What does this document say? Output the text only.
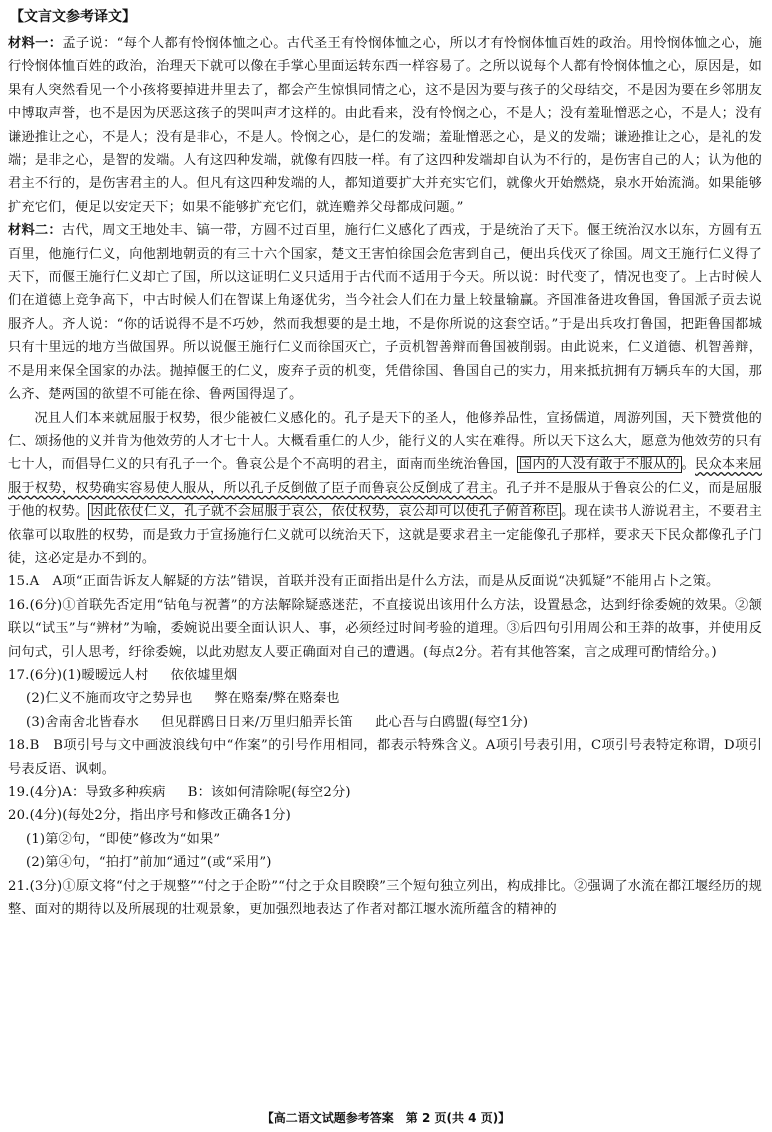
【文言文参考译文】

材料一：孟子说：“每个人都有怜悯体恤之心。古代圣王有怜悯体恤之心，所以才有怜悯体恤百姓的政治。用怜悯体恤之心，施行怜悯体恤百姓的政治，治理天下就可以像在手掌心里面运转东西一样容易了。之所以说每个人都有怜悯体恤之心，原因是，如果有人突然看见一个小孩将要掉进井里去了，都会产生惊惧同情之心，这不是因为要与孩子的父母结交，不是因为要在乡邻朋友中博取声誉，也不是因为厌恶这孩子的哭叫声才这样的。由此看来，没有怜悯之心，不是人；没有羞耻憎恶之心，不是人；没有谦逊推让之心，不是人；没有是非心，不是人。怜悯之心，是仁的发端；羞耻憎恶之心，是义的发端；谦逊推让之心，是礼的发端；是非之心，是智的发端。人有这四种发端，就像有四肢一样。有了这四种发端却自认为不行的，是伤害自己的人；认为他的君主不行的，是伤害君主的人。但凡有这四种发端的人，都知道要扩大并充实它们，就像火开始燃烧，泉水开始流淌。如果能够扩充它们，便足以安定天下；如果不能够扩充它们，就连赡养父母都成问题。”

材料二：古代，周文王地处丰、镐一带，方圆不过百里，施行仁义感化了西戎，于是统治了天下。偃王统治汉水以东，方圆有五百里，他施行仁义，向他割地朝贡的有三十六个国家，楚文王害怕徐国会危害到自己，便出兵伐灭了徐国。周文王施行仁义得了天下，而偃王施行仁义却亡了国，所以这证明仁义只适用于古代而不适用于今天。所以说：时代变了，情况也变了。上古时候人们在道德上竞争高下，中古时候人们在智谋上角逐优劣，当今社会人们在力量上较量输赢。齐国准备进攻鲁国，鲁国派子贡去说服齐人。齐人说：“你的话说得不是不巧妙，然而我想要的是土地，不是你所说的这套空话。”于是出兵攻打鲁国，把距鲁国都城只有十里远的地方当做国界。所以说偃王施行仁义而徐国灭亡，子贡机智善辩而鲁国被削弱。由此说来，仁义道德、机智善辩，不是用来保全国家的办法。抛掉偃王的仁义，废弃子贡的机变，凭借徐国、鲁国自己的实力，用来抵抗拥有万辆兵车的大国，那么齐、楚两国的欲望不可能在徐、鲁两国得逞了。

况且人们本来就屈服于权势，很少能被仁义感化的。孔子是天下的圣人，他修养品性，宣扬儒道，周游列国，天下赞赏他的仁、颂扬他的义并肯为他效劳的人才七十人。大概看重仁的人少，能行义的人实在难得。所以天下这么大，愿意为他效劳的只有七十人，而倡导仁义的只有孔子一个。鲁哀公是个不高明的君主，面南而坐统治鲁国， 国内的人没有敢于不服从的 。民众本来屈服于权势，权势确实容易使人服从，所以孔子反倒做了臣子而鲁哀公反倒成了君主。孔子并不是服从于鲁哀公的仁义，而是屈服于他的权势。 因此依仗仁义，孔子就不会屈服于哀公，依仗权势，哀公却可以使孔子俯首称臣 。现在读书人游说君主，不要君主依靠可以取胜的权势，而是致力于宣扬施行仁义就可以统治天下，这就是要求君主一定能像孔子那样，要求天下民众都像孔子门徒，这必定是办不到的。

15.A　A项“正面告诉友人解疑的方法”错误，首联并没有正面指出是什么方法，而是从反面说“决狐疑”不能用占卜之策。

16.(6分)①首联先否定用“钻龟与祝蓍”的方法解除疑惑迷茫，不直接说出该用什么方法，设置悬念，达到纡徐委婉的效果。②颔联以“试玉”与“辨材”为喻，委婉说出要全面认识人、事，必须经过时间考验的道理。③后四句引用周公和王莽的故事，并使用反问句式，引人思考，纡徐委婉，以此劝慰友人要正确面对自己的遭遇。(每点2分。若有其他答案，言之成理可酌情给分。)

17.(6分)(1)暧暧远人村 依依墟里烟

(2)仁义不施而攻守之势异也 弊在赂秦/弊在赂秦也

(3)舍南舍北皆春水 但见群鸥日日来/万里归船弄长笛 此心吾与白鸥盟(每空1分)

18.B　B项引号与文中画波浪线句中“作案”的引号作用相同，都表示特殊含义。A项引号表引用，C项引号表特定称谓，D项引号表反语、讽刺。

19.(4分)A：导致多种疾病 B：该如何清除呢(每空2分)

20.(4分)(每处2分，指出序号和修改正确各1分)

(1)第②句，“即使”修改为“如果”

(2)第④句，“拍打”前加“通过”(或“采用”)

21.(3分)①原文将“付之于规整”“付之于企盼”“付之于众目睽睽”三个短句独立列出，构成排比。②强调了水流在都江堰经历的规整、面对的期待以及所展现的壮观景象，更加强烈地表达了作者对都江堰水流所蕴含的精神的

【高二语文试题参考答案　第 2 页(共 4 页)】
